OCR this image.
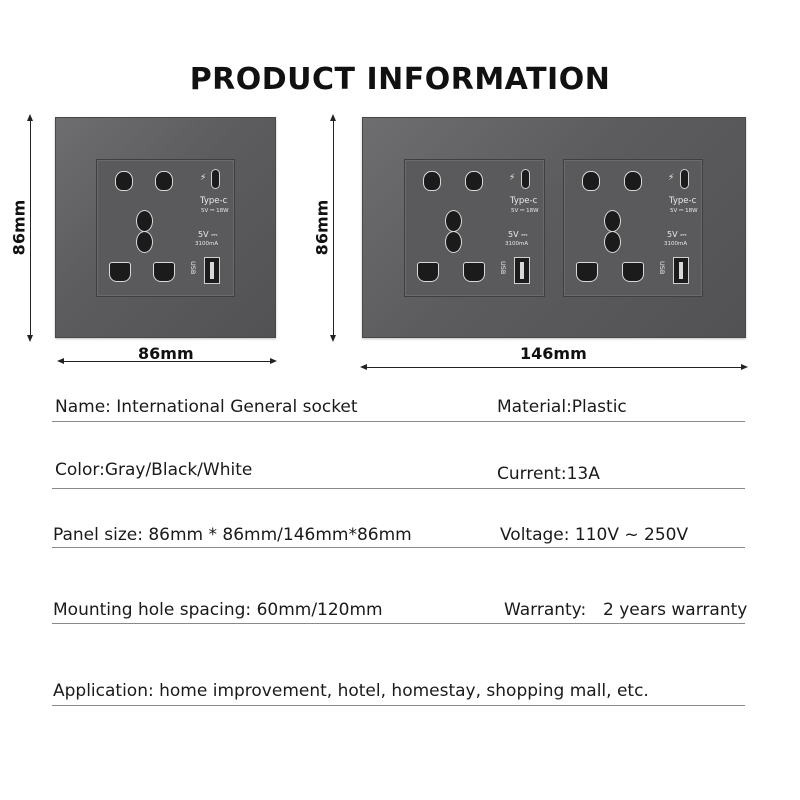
PRODUCT INFORMATION
86mm
86mm
86mm
146mm
⚡
Type-c
5V ⎓ 18W
5V ⎓
3100mA
USB
⚡
Type-c
5V ⎓ 18W
5V ⎓
3100mA
USB
⚡
Type-c
5V ⎓ 18W
5V ⎓
3100mA
USB
Name: International General socket	Material:Plastic
Color:Gray/Black/White	Current:13A
Panel size: 86mm * 86mm/146mm*86mm	Voltage: 110V ~ 250V
Mounting hole spacing: 60mm/120mm	Warranty: 2 years warranty
Application: home improvement, hotel, homestay, shopping mall, etc.
